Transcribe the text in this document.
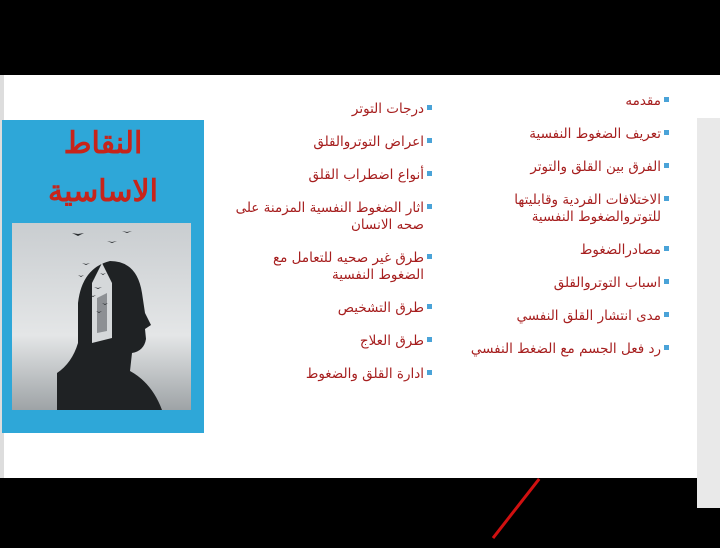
النقاط
الاساسية
مقدمه
تعريف الضغوط النفسية
الفرق بين القلق والتوتر
الاختلافات الفردية وقابليتها للتوتروالضغوط النفسية
مصادرالضغوط
اسباب التوتروالقلق
مدى انتشار القلق النفسي
رد فعل الجسم مع الضغط النفسي
درجات التوتر
اعراض التوتروالقلق
أنواع اضطراب القلق
اثار الضغوط النفسية المزمنة على صحه الانسان
طرق غير صحيه للتعامل مع الضغوط النفسية
طرق التشخيص
طرق العلاج
ادارة القلق والضغوط
